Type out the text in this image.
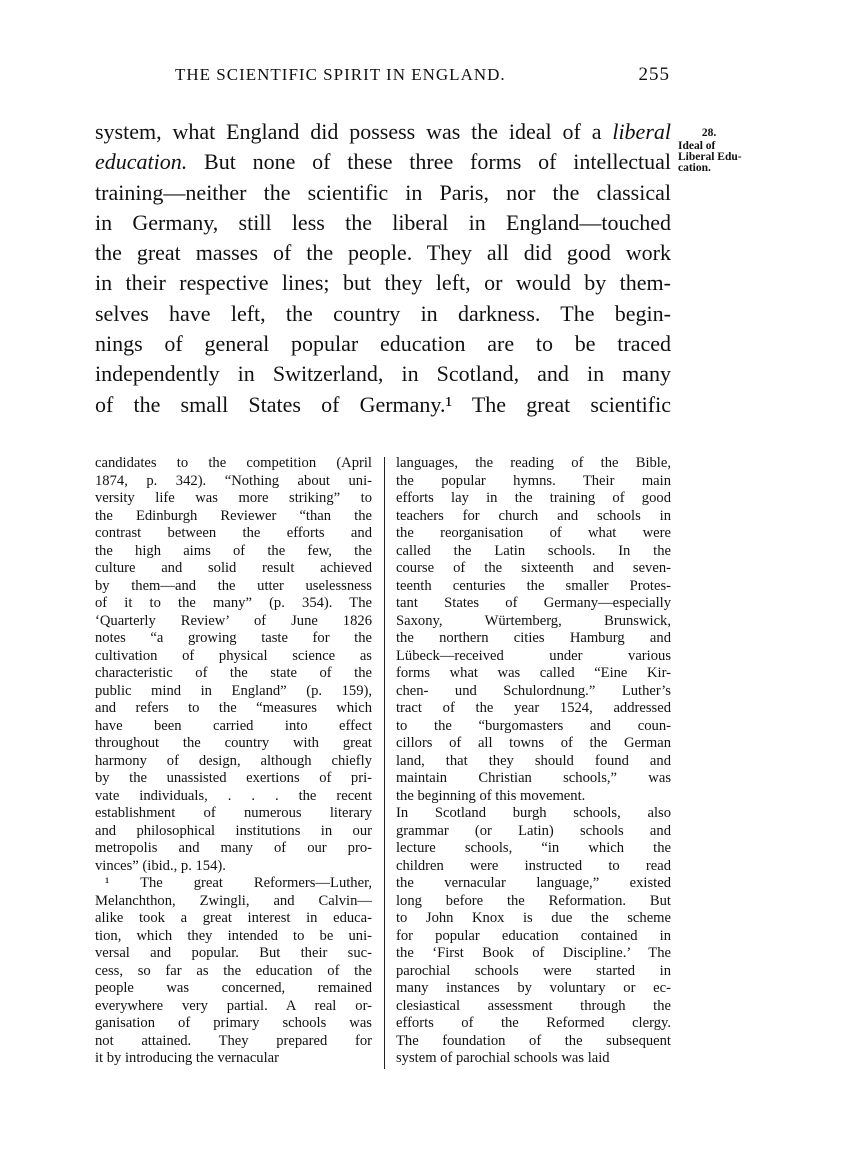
THE SCIENTIFIC SPIRIT IN ENGLAND.	255
system, what England did possess was the ideal of a liberal
education. But none of these three forms of intellectual
training—neither the scientific in Paris, nor the classical
in Germany, still less the liberal in England—touched
the great masses of the people. They all did good work
in their respective lines; but they left, or would by them-
selves have left, the country in darkness. The begin-
nings of general popular education are to be traced
independently in Switzerland, in Scotland, and in many
of the small States of Germany.¹ The great scientific
28.
Ideal of
Liberal Edu-
cation.
candidates to the competition (April
1874, p. 342). “Nothing about uni-
versity life was more striking” to
the Edinburgh Reviewer “than the
contrast between the efforts and
the high aims of the few, the
culture and solid result achieved
by them—and the utter uselessness
of it to the many” (p. 354). The
‘Quarterly Review’ of June 1826
notes “a growing taste for the
cultivation of physical science as
characteristic of the state of the
public mind in England” (p. 159),
and refers to the “measures which
have been carried into effect
throughout the country with great
harmony of design, although chiefly
by the unassisted exertions of pri-
vate individuals, . . . the recent
establishment of numerous literary
and philosophical institutions in our
metropolis and many of our pro-
vinces” (ibid., p. 154).
¹ The great Reformers—Luther,
Melanchthon, Zwingli, and Calvin—
alike took a great interest in educa-
tion, which they intended to be uni-
versal and popular. But their suc-
cess, so far as the education of the
people was concerned, remained
everywhere very partial. A real or-
ganisation of primary schools was
not attained. They prepared for
it by introducing the vernacular
languages, the reading of the Bible,
the popular hymns. Their main
efforts lay in the training of good
teachers for church and schools in
the reorganisation of what were
called the Latin schools. In the
course of the sixteenth and seven-
teenth centuries the smaller Protes-
tant States of Germany—especially
Saxony, Würtemberg, Brunswick,
the northern cities Hamburg and
Lübeck—received under various
forms what was called “Eine Kir-
chen- und Schulordnung.” Luther’s
tract of the year 1524, addressed
to the “burgomasters and coun-
cillors of all towns of the German
land, that they should found and
maintain Christian schools,” was
the beginning of this movement.
In Scotland burgh schools, also
grammar (or Latin) schools and
lecture schools, “in which the
children were instructed to read
the vernacular language,” existed
long before the Reformation. But
to John Knox is due the scheme
for popular education contained in
the ‘First Book of Discipline.’ The
parochial schools were started in
many instances by voluntary or ec-
clesiastical assessment through the
efforts of the Reformed clergy.
The foundation of the subsequent
system of parochial schools was laid
